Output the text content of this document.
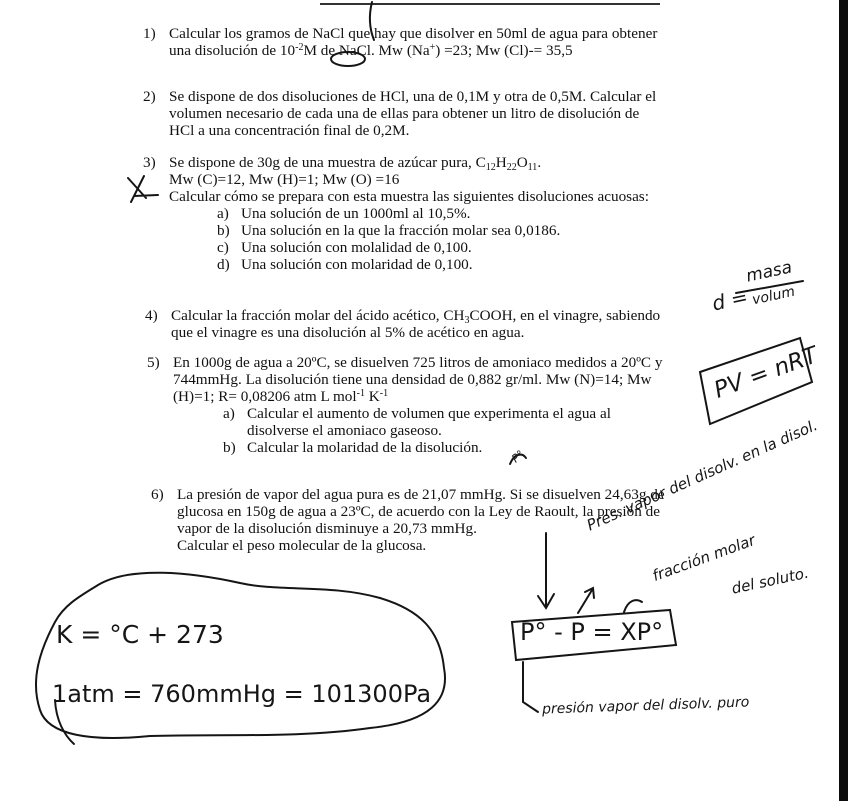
1) Calcular los gramos de NaCl que hay que disolver en 50ml de agua para obtener
una disolución de $10^{-2}M$ de NaCl. Mw (Na+) =23; Mw (Cl)-= 35,5
2) Se dispone de dos disoluciones de HCl, una de 0,1M y otra de 0,5M. Calcular el
volumen necesario de cada una de ellas para obtener un litro de disolución de
HCl a una concentración final de 0,2M.
3) Se dispone de 30g de una muestra de azúcar pura, $C_{12}H_{22}O_{11}$.
Mw (C)=12, Mw (H)=1; Mw (O) =16
Calcular cómo se prepara con esta muestra las siguientes disoluciones acuosas:
a) Una solución de un 1000ml al 10,5%.
b) Una solución en la que la fracción molar sea 0,0186.
c) Una solución con molalidad de 0,100.
d) Una solución con molaridad de 0,100.
4) Calcular la fracción molar del ácido acético, $CH_3COOH$, en el vinagre, sabiendo
que el vinagre es una disolución al 5% de acético en agua.
5) En 1000g de agua a 20ºC, se disuelven 725 litros de amoniaco medidos a 20ºC y
744mmHg. La disolución tiene una densidad de 0,882 gr/ml. Mw (N)=14; Mw
(H)=1; R= 0,08206 atm L mol$^{-1}$ $K^{-1}$
a) Calcular el aumento de volumen que experimenta el agua al
disolverse el amoniaco gaseoso.
b) Calcular la molaridad de la disolución.
6) La presión de vapor del agua pura es de 21,07 mmHg. Si se disuelven 24,63g de
glucosa en 150g de agua a 23ºC, de acuerdo con la Ley de Raoult, la presión de
vapor de la disolución disminuye a 20,73 mmHg.
Calcular el peso molecular de la glucosa.
d =
masa
volum
PV = nRT
Pres. vapor del disolv. en la disol.
fracción molar
del soluto.
P° - P = XP°
presión vapor del disolv. puro
P°
K = °C + 273
1atm = 760mmHg = 101300Pa
